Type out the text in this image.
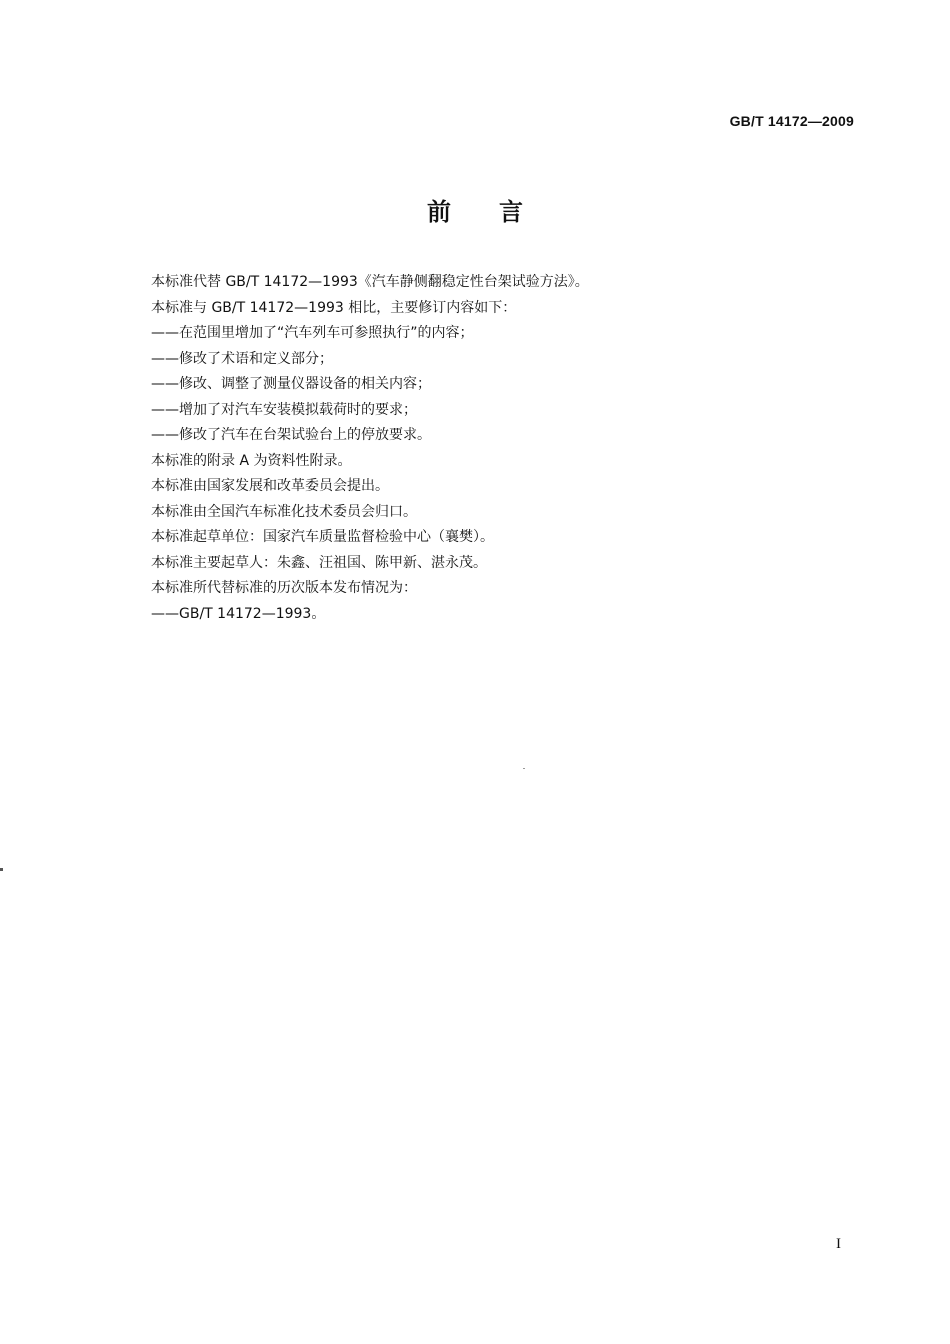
GB/T 14172—2009
前言
本标准代替 GB/T 14172—1993《汽车静侧翻稳定性台架试验方法》。
本标准与 GB/T 14172—1993 相比，主要修订内容如下：
——在范围里增加了“汽车列车可参照执行”的内容；
——修改了术语和定义部分；
——修改、调整了测量仪器设备的相关内容；
——增加了对汽车安装模拟载荷时的要求；
——修改了汽车在台架试验台上的停放要求。
本标准的附录 A 为资料性附录。
本标准由国家发展和改革委员会提出。
本标准由全国汽车标准化技术委员会归口。
本标准起草单位：国家汽车质量监督检验中心（襄樊）。
本标准主要起草人：朱鑫、汪祖国、陈甲新、湛永茂。
本标准所代替标准的历次版本发布情况为：
——GB/T 14172—1993。
I
